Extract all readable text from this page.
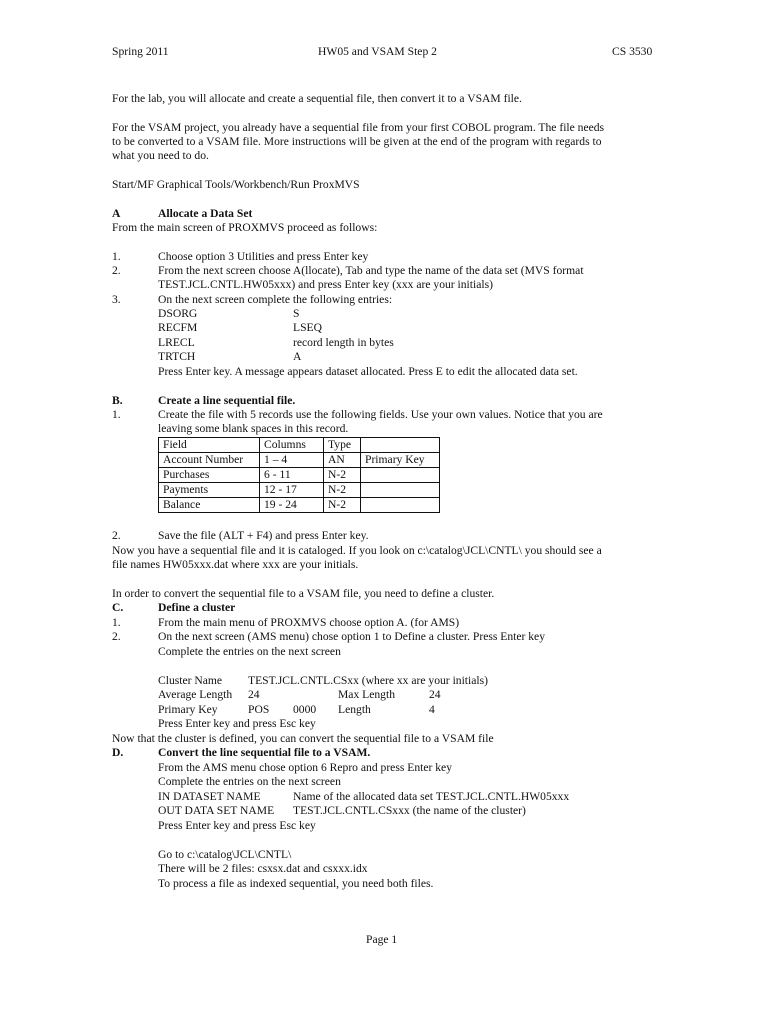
Spring 2011	HW05 and VSAM Step 2	CS 3530
For the lab, you will allocate and create a sequential file, then convert it to a VSAM file.
For the VSAM project, you already have a sequential file from your first COBOL program. The file needs
to be converted to a VSAM file. More instructions will be given at the end of the program with regards to
what you need to do.
Start/MF Graphical Tools/Workbench/Run ProxMVS
A	Allocate a Data Set
From the main screen of PROXMVS proceed as follows:
1.	Choose option 3 Utilities and press Enter key
2.	From the next screen choose A(llocate), Tab and type the name of the data set (MVS format
TEST.JCL.CNTL.HW05xxx) and press Enter key (xxx are your initials)
3.	On the next screen complete the following entries:
DSORG	S
RECFM	LSEQ
LRECL	record length in bytes
TRTCH	A
Press Enter key. A message appears dataset allocated. Press E to edit the allocated data set.
B.	Create a line sequential file.
1.	Create the file with 5 records use the following fields. Use your own values. Notice that you are
leaving some blank spaces in this record.
Field	Columns	Type	
Account Number	1 – 4	AN	Primary Key
Purchases	6 - 11	N-2	
Payments	12 - 17	N-2	
Balance	19 - 24	N-2	
2.	Save the file (ALT + F4) and press Enter key.
Now you have a sequential file and it is cataloged. If you look on c:\catalog\JCL\CNTL\ you should see a
file names HW05xxx.dat where xxx are your initials.
In order to convert the sequential file to a VSAM file, you need to define a cluster.
C.	Define a cluster
1.	From the main menu of PROXMVS choose option A. (for AMS)
2.	On the next screen (AMS menu) chose option 1 to Define a cluster. Press Enter key
Complete the entries on the next screen
Cluster Name TEST.JCL.CNTL.CSxx (where xx are your initials)
Average Length 24	Max Length	24
Primary Key	POS 0000 Length	4
Press Enter key and press Esc key
Now that the cluster is defined, you can convert the sequential file to a VSAM file
D.	Convert the line sequential file to a VSAM.
From the AMS menu chose option 6 Repro and press Enter key
Complete the entries on the next screen
IN DATASET NAME	Name of the allocated data set TEST.JCL.CNTL.HW05xxx
OUT DATA SET NAME TEST.JCL.CNTL.CSxxx (the name of the cluster)
Press Enter key and press Esc key
Go to c:\catalog\JCL\CNTL\
There will be 2 files: csxsx.dat and csxxx.idx
To process a file as indexed sequential, you need both files.
Page 1
